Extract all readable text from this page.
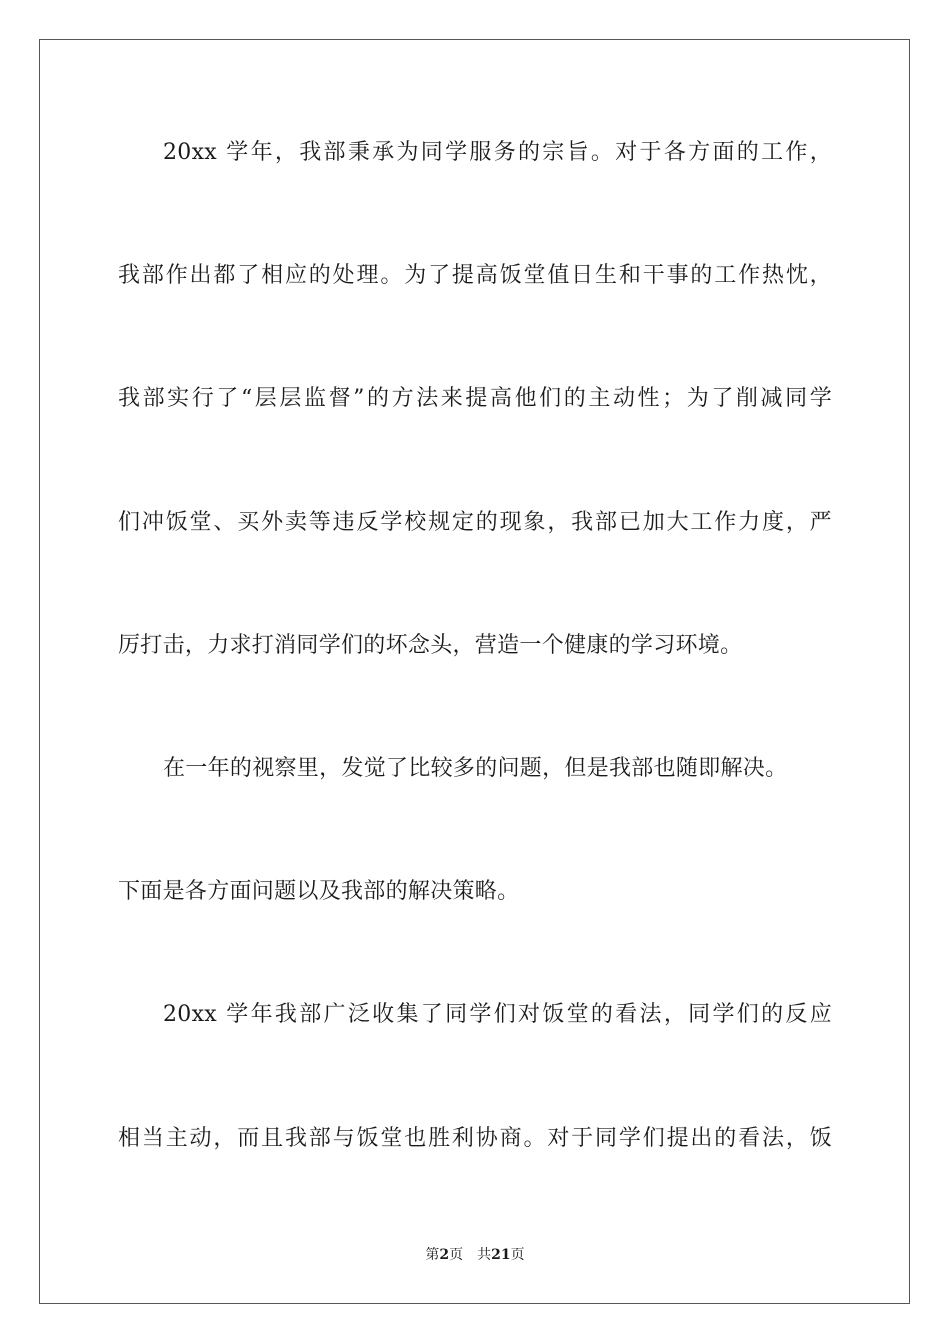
20xx 学年，我部秉承为同学服务的宗旨。对于各方面的工作，
我部作出都了相应的处理。为了提高饭堂值日生和干事的工作热忱，
我部实行了“层层监督”的方法来提高他们的主动性；为了削减同学
们冲饭堂、买外卖等违反学校规定的现象，我部已加大工作力度，严
厉打击，力求打消同学们的坏念头，营造一个健康的学习环境。
在一年的视察里，发觉了比较多的问题，但是我部也随即解决。
下面是各方面问题以及我部的解决策略。
20xx 学年我部广泛收集了同学们对饭堂的看法，同学们的反应
相当主动，而且我部与饭堂也胜利协商。对于同学们提出的看法，饭
第2页 共21页
